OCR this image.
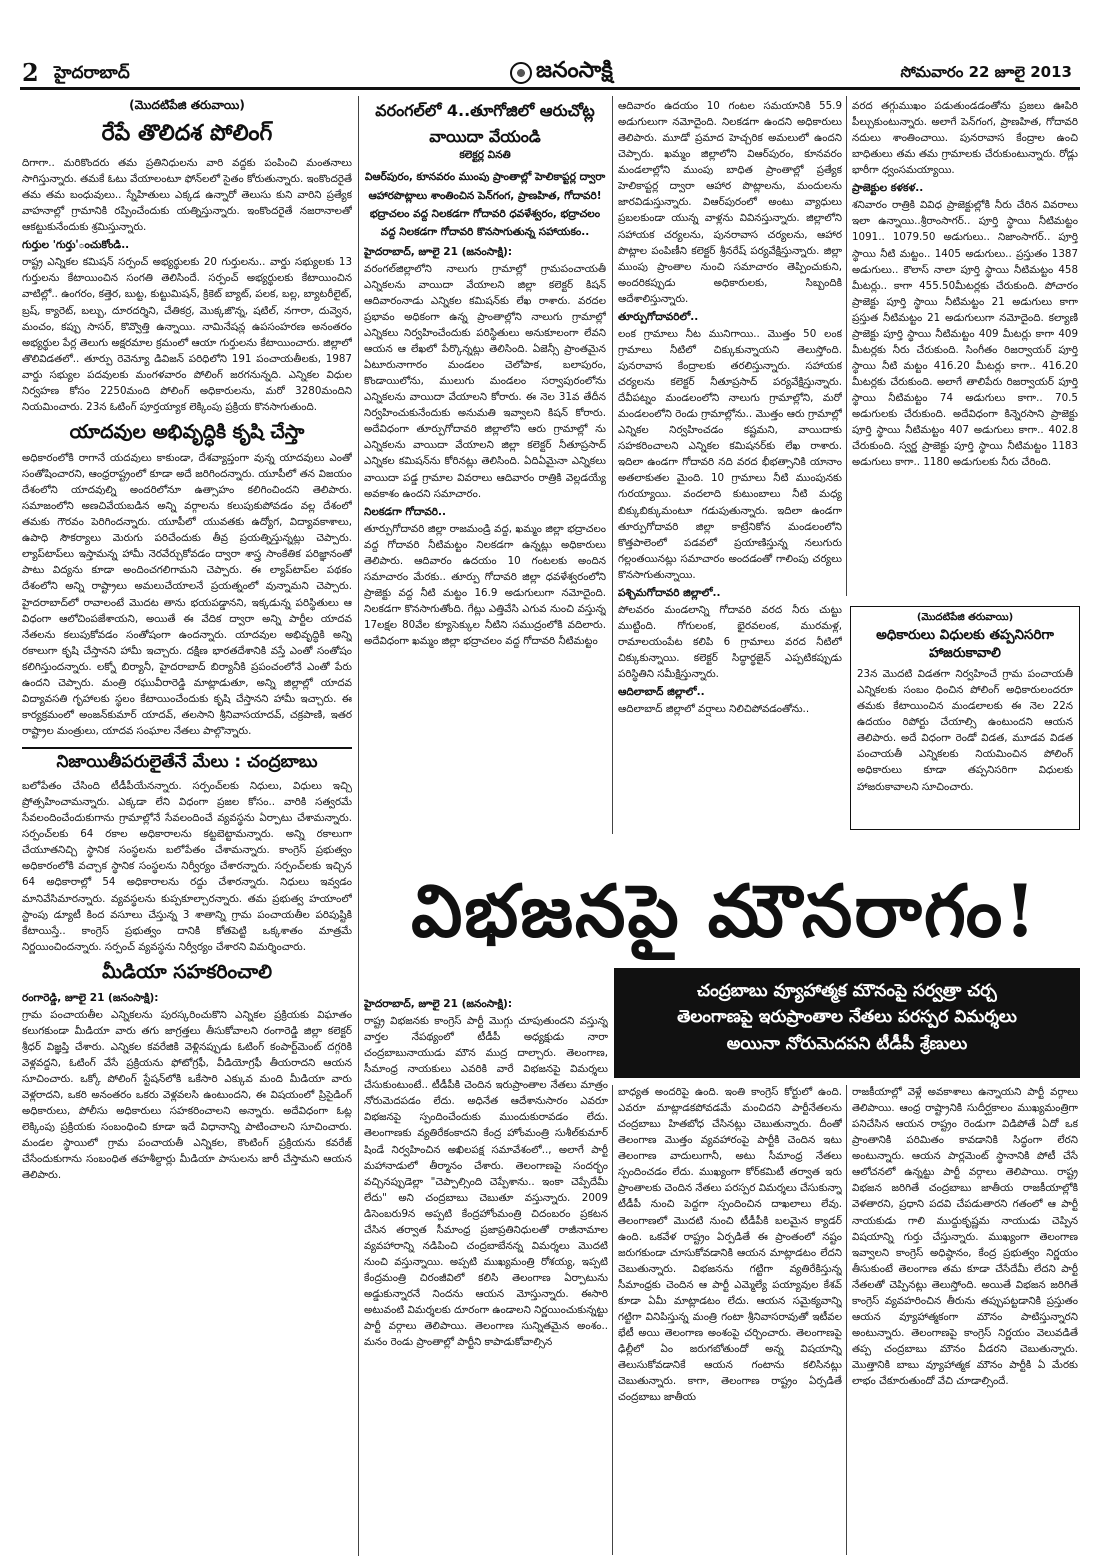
2 హైదరాబాద్	జనంసాక్షి	సోమవారం 22 జూలై 2013
(మొదటిపేజి తరువాయి)
రేపే తొలిదశ పోలింగ్

దిగాగా.. మరికొందరు తమ ప్రతినిధులను వారి వద్దకు పంపించి మంతనాలు సాగిస్తున్నారు. తమకే ఓటు వేయాలంటూ ఫోన్‌లలో సైతం కోరుతున్నారు. ఇంకొందరైతే తమ తమ బంధువులు.. స్నేహితులు ఎక్కడ ఉన్నారో తెలుసు కుని వారిని ప్రత్యేక వాహనాల్లో గ్రామానికి రప్పించేందుకు యత్నిస్తున్నారు. ఇంకొందరైతే నజరానాలతో ఆకట్టుకునేందుకు శ్రమిస్తున్నారు.

గుర్తుల 'గుర్తు'ంచుకోండి..

రాష్ట్ర ఎన్నికల కమిషన్ సర్పంచ్ అభ్యర్థులకు 20 గుర్తులను.. వార్డు సభ్యులకు 13 గుర్తులను కేటాయించిన సంగతి తెలిసిందే. సర్పంచ్ అభ్యర్థులకు కేటాయించిన వాటిల్లో.. ఉంగరం, కత్తెర, బుట్ట, కుట్టుమిషన్, క్రికెట్ బ్యాట్, పలక, బల్ల, బ్యాటరీలైట్, బ్రష్, క్యారెట్, బల్బు, దూరదర్శిని, చేతికర్ర, మొక్కజొన్న, షటిల్, నగారా, దువ్వెన, మంచం, కప్పు సాసర్, కొవ్వొత్తి ఉన్నాయి. నామినేషన్ల ఉపసంహరణ అనంతరం అభ్యర్థుల పేర్ల తెలుగు అక్షరమాల క్రమంలో ఆయా గుర్తులను కేటాయించారు. జిల్లాలో తొలివిడతలో.. తూర్పు రెవెన్యూ డివిజన్ పరిధిలోని 191 పంచాయతీలకు, 1987 వార్డు సభ్యుల పదవులకు మంగళవారం పోలింగ్ జరగనున్నది. ఎన్నికల విధుల నిర్వహణ కోసం 2250మంది పోలింగ్ అధికారులను, మరో 3280మందిని నియమించారు. 23న ఓటింగ్ పూర్తయ్యాక లెక్కింపు ప్రక్రియ కొనసాగుతుంది.

యాదవుల అభివృద్ధికి కృషి చేస్తా

అధికారంలోకి రాగానే యదవులు కాకుండా, దేశవ్యాప్తంగా వున్న యాదవులు ఎంతో సంతోషించారని, ఆంధ్రరాష్ట్రంలో కూడా అదే జరిగిందన్నారు. యూపీలో తన విజయం దేశంలోని యాదవుల్ని అందరిలోనూ ఉత్సాహం కలిగించిందని తెలిపారు. సమాజంలోని అణచివేయబడిన అన్ని వర్గాలను కలుపుకుపోవడం వల్ల దేశంలో తమకు గౌరవం పెరిగిందన్నారు. యూపీలో యువతకు ఉద్యోగ, విద్యావకాశాలు, ఉపాధి సౌకర్యాలు మెరుగు పరిచేందుకు తీవ్ర ప్రయత్నిస్తున్నట్లు చెప్పారు. ల్యాప్‌టాప్‌లు ఇస్తామన్న హామీ నెరవేర్చుకోవడం ద్వారా శాస్త్ర సాంకేతిక పరిజ్ఞానంతో పాటు విద్యను కూడా అందించగలిగామని చెప్పారు. ఈ ల్యాప్‌టాప్‌ల పథకం దేశంలోని అన్ని రాష్ట్రాలు అమలుచేయాలనే ప్రయత్నంలో వున్నామని చెప్పారు. హైదరాబాద్‌లో రావాలంటే మొదట తాను భయపడ్డానని, ఇక్కడున్న పరిస్థితులు ఆ విధంగా ఆలోచింపజేశాయని, అయితే ఈ వేదిక ద్వారా అన్ని పార్టీల యాదవ నేతలను కలుపుకోవడం సంతోషంగా ఉందన్నారు. యాదవుల అభివృద్ధికి అన్ని రకాలుగా కృషి చేస్తానని హామీ ఇచ్చారు. దక్షిణ భారతదేశానికి వస్తే ఎంతో సంతోషం కలిగిస్తుందన్నారు. లక్నో బిర్యానీ, హైదరాబాద్ బిర్యానీకి ప్రపంచంలోనే ఎంతో పేరు ఉందని చెప్పారు. మంత్రి రఘువీరారెడ్డి మాట్లాడుతూ, అన్ని జిల్లాల్లో యాదవ విద్యావసతి గృహాలకు స్థలం కేటాయించేందుకు కృషి చేస్తానని హామీ ఇచ్చారు. ఈ కార్యక్రమంలో అంజన్‌కుమార్ యాదవ్, తలసాని శ్రీనివాసయాదవ్, చక్రపాణి, ఇతర రాష్ట్రాల మంత్రులు, యాదవ సంఘాల నేతలు పాల్గొన్నారు.

నిజాయితీపరులైతేనే మేలు : చంద్రబాబు

బలోపేతం చేసింది టీడీపీయేనన్నారు. సర్పంచ్‌లకు నిధులు, విధులు ఇచ్చి ప్రోత్సహించామన్నారు. ఎక్కడా లేని విధంగా ప్రజల కోసం.. వారికి సత్వరమే సేవలందించేందుకుగాను గ్రామాల్లోనే సేవలందించే వ్యవస్థను ఏర్పాటు చేశామన్నారు. సర్పంచ్‌లకు 64 రకాల అధికారాలను కట్టబెట్టామన్నారు. అన్ని రకాలుగా చేయూతనిచ్చి స్థానిక సంస్థలను బలోపేతం చేశామన్నారు. కాంగ్రెస్ ప్రభుత్వం అధికారంలోకి వచ్చాక స్థానిక సంస్థలను నిర్వీర్యం చేశారన్నారు. సర్పంచ్‌లకు ఇచ్చిన 64 అధికారాల్లో 54 అధికారాలను రద్దు చేశారన్నారు. నిధులు ఇవ్వడం మానివేసిమారన్నారు. వ్యవస్థలను కుప్పకూల్చారన్నారు. తమ ప్రభుత్వ హయాంలో స్టాంపు డ్యూటీ కింద వసూలు చేస్తున్న 3 శాతాన్ని గ్రామ పంచాయతీల పరిపుష్టికి కేటాయిస్తే.. కాంగ్రెస్ ప్రభుత్వం దానికి కోతపెట్టి ఒక్కశాతం మాత్రమే నిర్ణయించిందన్నారు. సర్పంచ్ వ్యవస్థను నిర్వీర్యం చేశారని విమర్శించారు.

మీడియా సహకరించాలి
రంగారెడ్డి, జూలై 21 (జనంసాక్షి):

గ్రామ పంచాయతీల ఎన్నికలను పురస్కరించుకొని ఎన్నికల ప్రక్రియకు విఘాతం కలుగకుండా మీడియా వారు తగు జాగ్రత్తలు తీసుకోవాలని రంగారెడ్డి జిల్లా కలెక్టర్ శ్రీధర్ విజ్ఞప్తి చేశారు. ఎన్నికల కవరేజికి వెళ్లినప్పుడు ఓటింగ్ కంపార్ట్‌మెంట్ దగ్గరికి వెళ్లవద్దని, ఓటింగ్ వేసే ప్రక్రియను ఫోటోగ్రఫీ, వీడియోగ్రఫీ తీయరాదని ఆయన సూచించారు. ఒక్కో పోలింగ్ స్టేషన్‌లోకి ఒకేసారి ఎక్కువ మంది మీడియా వారు వెళ్లరాదని, ఒకరి అనంతరం ఒకరు వెళ్లవలసి ఉంటుందని, ఈ విషయంలో ప్రిసైడింగ్ అధికారులు, పోలీసు అధికారులు సహకరించాలని అన్నారు. అదేవిధంగా ఓట్ల లెక్కింపు ప్రక్రియకు సంబంధించి కూడా ఇదే విధానాన్ని పాటించాలని సూచించారు. మండల స్థాయిలో గ్రామ పంచాయతీ ఎన్నికల, కౌంటింగ్ ప్రక్రియను కవరేజ్ చేసేందుకుగాను సంబంధిత తహశీల్దార్లు మీడియా పాసులను జారీ చేస్తామని ఆయన తెలిపారు.

వరంగల్‌లో 4..తూగోజిలో ఆరుచోట్ల వాయిదా వేయండి
కలెక్టర్ల వినతి
విఆర్‌పురం, కూనవరం ముంపు ప్రాంతాల్లో హెలికాప్టర్ల ద్వారా ఆహారపొట్లాలు శాంతించిన పెన్‌గంగ, ప్రాణహిత, గోదావరి! భద్రాచలం వద్ద నిలకడగా గోదావరి ధవళేశ్వరం, భద్రాచలం వద్ద నిలకడగా గోదావరి కొనసాగుతున్న సహాయకం..
హైదరాబాద్, జూలై 21 (జనంసాక్షి):

వరంగల్‌జిల్లాలోని నాలుగు గ్రామాల్లో గ్రామపంచాయతీ ఎన్నికలను వాయిదా వేయాలని జిల్లా కలెక్టర్ కిషన్ ఆదివారంనాడు ఎన్నికల కమిషన్‌కు లేఖ రాశారు. వరదల ప్రభావం అధికంగా ఉన్న ప్రాంతాల్లోని నాలుగు గ్రామాల్లో ఎన్నికలు నిర్వహించేందుకు పరిస్థితులు అనుకూలంగా లేవని ఆయన ఆ లేఖలో పేర్కొన్నట్లు తెలిసింది. ఏజెన్సీ ప్రాంతమైన ఏటూరునాగారం మండలం చెలోపాక, బలాపురం, కొండాయిలోను, ములుగు మండలం సర్వాపురంలోను ఎన్నికలను వాయిదా వేయాలని కోరారు. ఈ నెల 31వ తేదీన నిర్వహించుకునేందుకు అనుమతి ఇవ్వాలని కిషన్ కోరారు. అదేవిధంగా తూర్పుగోదావరి జిల్లాలోని ఆరు గ్రామాల్లో ను ఎన్నికలను వాయిదా వేయాలని జిల్లా కలెక్టర్ నీతూప్రసాద్ ఎన్నికల కమిషన్‌ను కోరినట్లు తెలిసింది. ఏదిఏమైనా ఎన్నికలు వాయిదా పడ్డ గ్రామాల వివరాలు ఆదివారం రాత్రికి వెల్లడయ్యే అవకాశం ఉందని సమాచారం.

నిలకడగా గోదావరి..

తూర్పుగోదావరి జిల్లా రాజమండ్రి వద్ద, ఖమ్మం జిల్లా భద్రాచలం వద్ద గోదావరి నీటిమట్టం నిలకడగా ఉన్నట్లు అధికారులు తెలిపారు. ఆదివారం ఉదయం 10 గంటలకు అందిన సమాచారం మేరకు.. తూర్పు గోదావరి జిల్లా ధవళేశ్వరంలోని ప్రాజెక్టు వద్ద నీటి మట్టం 16.9 అడుగులుగా నమోదైంది. నిలకడగా కొనసాగుతోంది. గేట్లు ఎత్తివేసి ఎగువ నుంచి వస్తున్న 17లక్షల 80వేల క్యూసెక్కుల నీటిని సముద్రంలోకి వదిలారు. అదేవిధంగా ఖమ్మం జిల్లా భద్రాచలం వద్ద గోదావరి నీటిమట్టం

ఆదివారం ఉదయం 10 గంటల సమయానికి 55.9 అడుగులుగా నమోదైంది. నిలకడగా ఉందని అధికారులు తెలిపారు. మూడో ప్రమాద హెచ్చరిక అమలులో ఉందని చెప్పారు. ఖమ్మం జిల్లాలోని విఆర్‌పురం, కూనవరం మండలాల్లోని ముంపు బాధిత ప్రాంతాల్లో ప్రత్యేక హెలికాప్టర్ల ద్వారా ఆహార పొట్లాలను, మందులను జారవిడుస్తున్నారు. విఆర్‌పురంలో అంటు వ్యాధులు ప్రబలకుండా యున్న వాళ్లను వివినస్తున్నారు. జిల్లాలోని సహాయక చర్యలను, పునరావాస చర్యలను, ఆహార పొట్లాల పంపిణీని కలెక్టర్ శ్రీనరేష్ పర్యవేక్షిస్తున్నారు. జిల్లా ముంపు ప్రాంతాల నుంచి సమాచారం తెప్పించుకుని, అందరికప్పుడు అధికారులకు, సిబ్బందికి ఆదేశాలిస్తున్నారు.

తూర్పుగోదావరిలో..

లంక గ్రామాలు నీట మునిగాయి.. మొత్తం 50 లంక గ్రామాలు నీటిలో చిక్కుకున్నాయని తెలుస్తోంది. పునరావాస కేంద్రాలకు తరలిస్తున్నారు. సహాయక చర్యలను కలెక్టర్ నీతూప్రసాద్ పర్యవేక్షిస్తున్నారు. దేవీపట్నం మండలంలోని నాలుగు గ్రామాల్లోని, మరో మండలంలోని రెండు గ్రామాల్లోను.. మొత్తం ఆరు గ్రామాల్లో ఎన్నికల నిర్వహించడం కష్టమని, వాయిదాకు సహకరించాలని ఎన్నికల కమిషనర్‌కు లేఖ రాశారు. ఇదిలా ఉండగా గోదావరి నది వరద భీభత్సానికి యానాం అతలాకుతల మైంది. 10 గ్రామాలు నీటి ముంపునకు గురయ్యాయి. వందలాది కుటుంబాలు నీటి మధ్య బిక్కుబిక్కుమంటూ గడుపుతున్నారు. ఇదిలా ఉండగా తూర్పుగోదావరి జిల్లా కాట్రేనికోన మండలంలోని కొత్తపాలెంలో పడవలో ప్రయాణిస్తున్న నలుగురు గల్లంతయినట్లు సమాచారం అందడంతో గాలింపు చర్యలు కొనసాగుతున్నాయి.

పశ్చిమగోదావరి జిల్లాలో..

పోలవరం మండలాన్ని గోదావరి వరద నీరు చుట్టు ముట్టింది. గోగులంక, భైరవలంక, మురమళ్ల, రామాలయంపేట కలిపి 6 గ్రామాలు వరద నీటిలో చిక్కుకున్నాయి. కలెక్టర్ సిద్ధార్థజైన్ ఎప్పటికప్పుడు పరిస్థితిని సమీక్షిస్తున్నారు.

ఆదిలాబాద్ జిల్లాలో..

ఆదిలాబాద్ జిల్లాలో వర్షాలు నిలిచిపోవడంతోను..

వరద తగ్గుముఖం పడుతుండడంతోను ప్రజలు ఊపిరి పీల్చుకుంటున్నారు. అలాగే పెన్‌గంగ, ప్రాణహిత, గోదావరి నదులు శాంతించాయి. పునరావాస కేంద్రాల ఉంచి బాధితులు తమ తమ గ్రామాలకు చేరుకుంటున్నారు. రోడ్లు భారీగా ధ్వంసమయ్యాయి.

ప్రాజెక్టుల కళకళ..

శనివారం రాత్రికి వివిధ ప్రాజెక్టుల్లోకి నీరు చేరిన వివరాలు ఇలా ఉన్నాయి..శ్రీరాంసాగర్.. పూర్తి స్థాయి నీటిమట్టం 1091.. 1079.50 అడుగులు.. నిజాంసాగర్.. పూర్తి స్థాయి నీటి మట్టం.. 1405 అడుగులు.. ప్రస్తుతం 1387 అడుగులు.. కౌలాస్ నాలా పూర్తి స్థాయి నీటిమట్టం 458 మీటర్లు.. కాగా 455.50మీటర్లకు చేరుకుంది. పోచారం ప్రాజెక్టు పూర్తి స్థాయి నీటిమట్టం 21 అడుగులు కాగా ప్రస్తుత నీటిమట్టం 21 అడుగులుగా నమోదైంది. కల్యాణి ప్రాజెక్టు పూర్తి స్థాయి నీటిమట్టం 409 మీటర్లు కాగా 409 మీటర్లకు నీరు చేరుకుంది. సింగీతం రిజర్వాయర్ పూర్తి స్థాయి నీటి మట్టం 416.20 మీటర్లు కాగా.. 416.20 మీటర్లకు చేరుకుంది. అలాగే తాలిపేరు రిజర్వాయర్ పూర్తి స్థాయి నీటిమట్టం 74 అడుగులు కాగా.. 70.5 అడుగులకు చేరుకుంది. అదేవిధంగా కిన్నెరసాని ప్రాజెక్టు పూర్తి స్థాయి నీటిమట్టం 407 అడుగులు కాగా.. 402.8 చేరుకుంది. స్వర్ణ ప్రాజెక్టు పూర్తి స్థాయి నీటిమట్టం 1183 అడుగులు కాగా.. 1180 అడుగులకు నీరు చేరింది.

(మొదటిపేజి తరువాయి)
అధికారులు విధులకు తప్పనిసరిగా హాజరుకావాలి

23న మొదటి విడతగా నిర్వహించే గ్రామ పంచాయతీ ఎన్నికలకు సంబం ధించిన పోలింగ్ అధికారులందరూ తమకు కేటాయించిన మండలాలకు ఈ నెల 22న ఉదయం రిపోర్టు చేయాల్సి ఉంటుందని ఆయన తెలిపారు. అదే విధంగా రెండో విడత, మూడవ విడత పంచాయతీ ఎన్నికలకు నియమించిన పోలింగ్ అధికారులు కూడా తప్పనిసరిగా విధులకు హాజరుకావాలని సూచించారు.

విభజనపై మౌనరాగం!
చంద్రబాబు వ్యూహాత్మక మౌనంపై సర్వత్రా చర్చ
తెలంగాణపై ఇరుప్రాంతాల నేతలు పరస్పర విమర్శలు
అయినా నోరుమెదపని టీడీపీ శ్రేణులు
హైదరాబాద్, జూలై 21 (జనంసాక్షి):

రాష్ట్ర విభజనకు కాంగ్రెస్ పార్టీ మొగ్గు చూపుతుందని వస్తున్న వార్తల నేపథ్యంలో టీడీపీ అధ్యక్షుడు నారా చంద్రబాబునాయుడు మౌన ముద్ర దాల్చారు. తెలంగాణ, సీమాంధ్ర నాయకులు ఎవరికి వారే విభజనపై విమర్శలు చేసుకుంటుంటే.. టీడీపీకి చెందిన ఇరుప్రాంతాల నేతలు మాత్రం నోరుమెదపడం లేదు. అధినేత ఆదేశానుసారం ఎవరూ విభజనపై స్పందించేందుకు ముందుకురావడం లేదు. తెలంగాణకు వ్యతిరేకంకాదని కేంద్ర హోంమంత్రి సుశీల్‌కుమార్ షిండే నిర్వహించిన అఖిలపక్ష సమావేశంలో.., అలాగే పార్టీ మహానాడులో తీర్మానం చేశారు. తెలంగాణపై సందర్భం వచ్చినప్పుడెల్లా "చెప్పాల్సింది చెప్పేశాను.. ఇంకా చెప్పేదేమీ లేదు" అని చంద్రబాబు చెబుతూ వస్తున్నారు. 2009 డిసెంబరు9న అప్పటి కేంద్రహోంమంత్రి చిదంబరం ప్రకటన చేసిన తర్వాత సీమాంధ్ర ప్రజాప్రతినిధులతో రాజీనామాల వ్యవహారాన్ని నడిపించి చంద్రబాబేనన్న విమర్శలు మొదటి నుంచి వస్తున్నాయి. అప్పటి ముఖ్యమంత్రి రోశయ్య, ఇప్పటి కేంద్రమంత్రి చిరంజీవిలో కలిసి తెలంగాణ ఏర్పాటును అడ్డుకున్నారనే నిందను ఆయన మోస్తున్నారు. ఈసారి అటువంటి విమర్శలకు దూరంగా ఉండాలని నిర్ణయించుకున్నట్టు పార్టీ వర్గాలు తెలిపాయి. తెలంగాణ సున్నితమైన అంశం.. మనం రెండు ప్రాంతాల్లో పార్టీని కాపాడుకోవాల్సిన

బాధ్యత అందరిపై ఉంది. ఇంతి కాంగ్రెస్ కోర్టులో ఉంది. ఎవరూ మాట్లాడకపోవడమే మంచిదని పార్టీనేతలను చంద్రబాబు హితబోధ చేసినట్లు చెబుతున్నారు. దీంతో తెలంగాణ మొత్తం వ్యవహారంపై పార్టీకి చెందిన ఇటు తెలంగాణ వాదులుగానీ, అటు సీమాంధ్ర నేతలు స్పందించడం లేదు. ముఖ్యంగా కోర్‌కమిటీ తర్వాత ఇరు ప్రాంతాలకు చెందిన నేతలు పరస్పర విమర్శలు చేసుకున్నా టీడీపీ నుంచి పెద్దగా స్పందించిన దాఖలాలు లేవు. తెలంగాణలో మొదటి నుంచి టీడీపీకి బలమైన క్యాడర్ ఉంది. ఒకవేళ రాష్ట్రం ఏర్పడితే ఈ ప్రాంతంలో నష్టం జరుగకుండా చూసుకోవడానికి ఆయన మాట్లాడటం లేదని చెబుతున్నారు. విభజనను గట్టిగా వ్యతిరేకిస్తున్న సీమాంధ్రకు చెందిన ఆ పార్టీ ఎమ్మెల్యే పయ్యావుల కేశవ్ కూడా ఏమీ మాట్లాడటం లేదు. ఆయన సమైక్యవాన్ని గట్టిగా వినిపిస్తున్న మంత్రి గంటా శ్రీనివాసరావుతో ఇటీవల భేటీ అయి తెలంగాణ అంశంపై చర్చించారు. తెలంగాణపై ఢిల్లీలో ఏం జరుగబోతుందో అన్న విషయాన్ని తెలుసుకోవడానికే ఆయన గంటాను కలిసినట్లు చెబుతున్నారు. కాగా, తెలంగాణ రాష్ట్రం ఏర్పడితే చంద్రబాబు జాతీయ

రాజకీయాల్లో వెళ్లే అవకాశాలు ఉన్నాయని పార్టీ వర్గాలు తెలిపాయి. ఆంధ్ర రాష్ట్రానికి సుదీర్ఘకాలం ముఖ్యమంత్రిగా పనిచేసిన ఆయన రాష్ట్రం రెండుగా విడిపోతే ఏదో ఒక ప్రాంతానికి పరిమితం కావడానికి సిద్ధంగా లేరని అంటున్నారు. ఆయన పార్లమెంట్ స్థానానికి పోటీ చేసే ఆలోచనలో ఉన్నట్టు పార్టీ వర్గాలు తెలిపాయి. రాష్ట్ర విభజన జరిగితే చంద్రబాబు జాతీయ రాజకీయాల్లోకి వెళతారని, ప్రధాని పదవి చేపడుతారని గతంలో ఆ పార్టీ నాయకుడు గాలి ముద్దుకృష్ణమ నాయుడు చెప్పిన విషయాన్ని గుర్తు చేస్తున్నారు. ముఖ్యంగా తెలంగాణ ఇవ్వాలని కాంగ్రెస్ అధిష్ఠానం, కేంద్ర ప్రభుత్వం నిర్ణయం తీసుకుంటే తెలంగాణ తమ కూడా చేసేదేమీ లేదని పార్టీ నేతలతో చెప్పినట్లు తెలుస్తోంది. అయితే విభజన జరిగితే కాంగ్రెస్ వ్యవహరించిన తీరును తప్పుపట్టడానికి ప్రస్తుతం ఆయన వ్యూహాత్మకంగా మౌనం పాటిస్తున్నారని అంటున్నారు. తెలంగాణపై కాంగ్రెస్ నిర్ణయం వెలువడితే తప్ప చంద్రబాబు మౌనం వీడరని చెబుతున్నారు. మొత్తానికి బాబు వ్యూహాత్మక మౌనం పార్టీకి ఏ మేరకు లాభం చేకూరుతుందో వేచి చూడాల్సిందే.
